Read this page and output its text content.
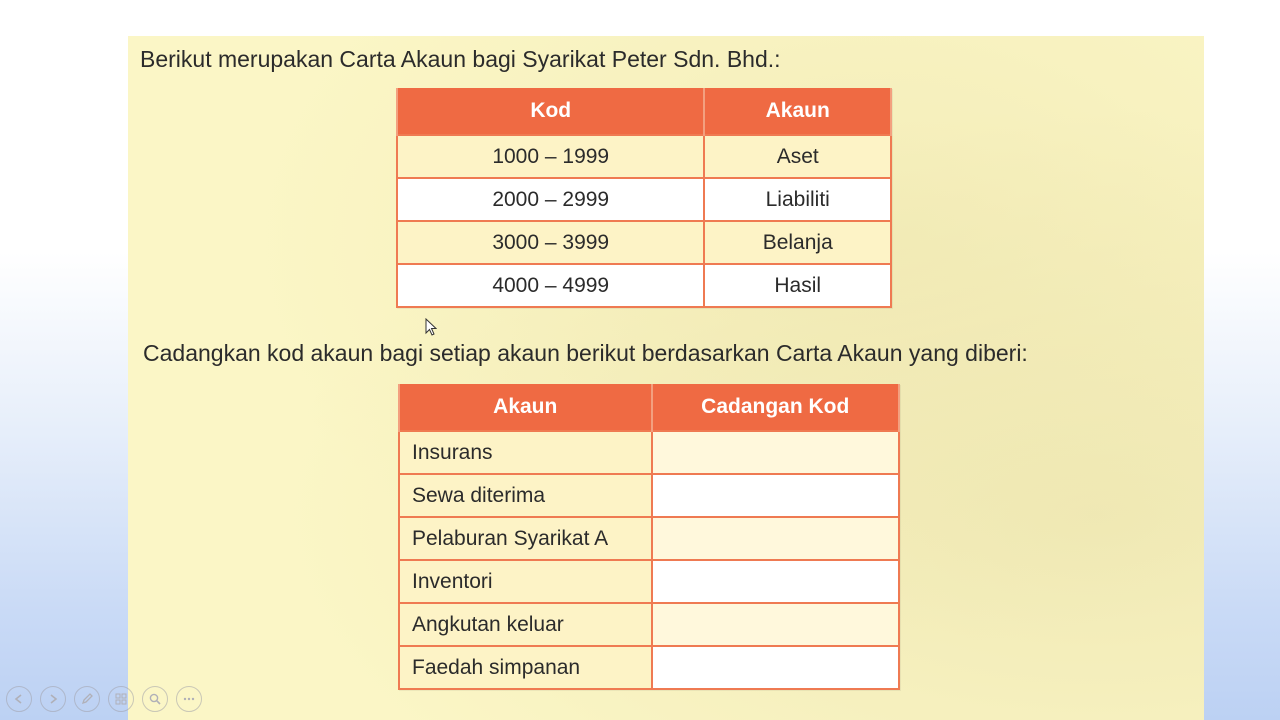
Berikut merupakan Carta Akaun bagi Syarikat Peter Sdn. Bhd.:

Kod	Akaun
1000 – 1999	Aset
2000 – 2999	Liabiliti
3000 – 3999	Belanja
4000 – 4999	Hasil

Cadangkan kod akaun bagi setiap akaun berikut berdasarkan Carta Akaun yang diberi:

Akaun	Cadangan Kod
Insurans	
Sewa diterima	
Pelaburan Syarikat A	
Inventori	
Angkutan keluar	
Faedah simpanan	
